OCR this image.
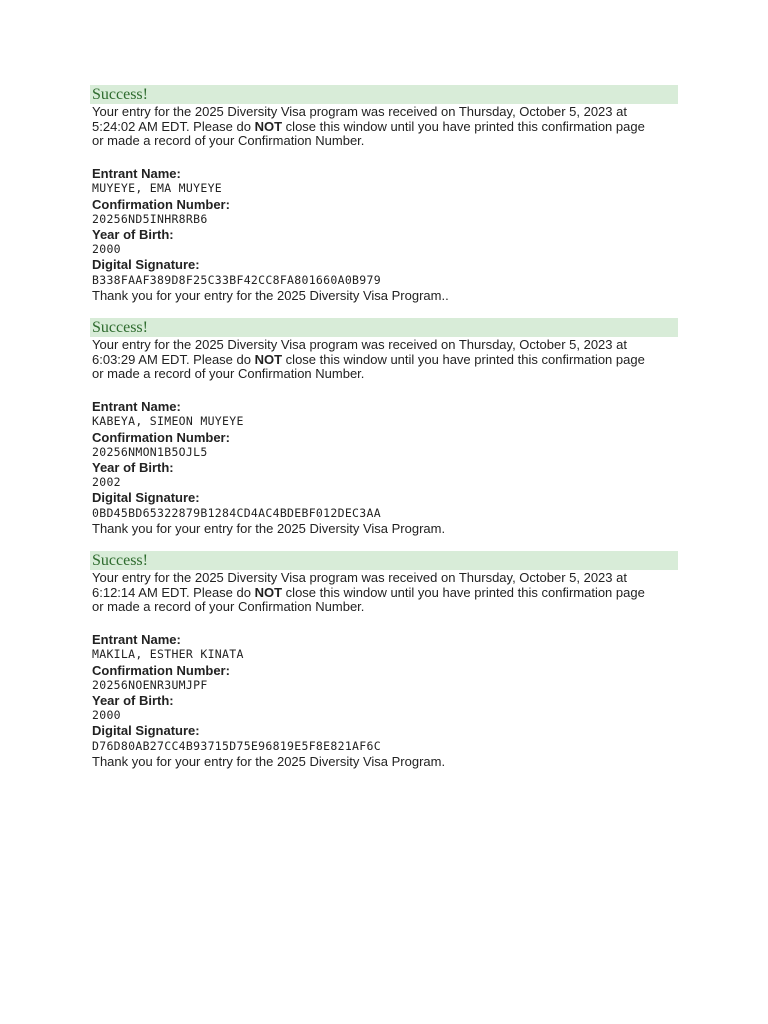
Success!

Your entry for the 2025 Diversity Visa program was received on Thursday, October 5, 2023 at

5:24:02 AM EDT. Please do NOT close this window until you have printed this confirmation page

or made a record of your Confirmation Number.

Entrant Name:
MUYEYE, EMA MUYEYE
Confirmation Number:
20256ND5INHR8RB6
Year of Birth:
2000
Digital Signature:
B338FAAF389D8F25C33BF42CC8FA801660A0B979
Thank you for your entry for the 2025 Diversity Visa Program..
Success!

Your entry for the 2025 Diversity Visa program was received on Thursday, October 5, 2023 at

6:03:29 AM EDT. Please do NOT close this window until you have printed this confirmation page

or made a record of your Confirmation Number.

Entrant Name:
KABEYA, SIMEON MUYEYE
Confirmation Number:
20256NMON1B5OJL5
Year of Birth:
2002
Digital Signature:
0BD45BD65322879B1284CD4AC4BDEBF012DEC3AA
Thank you for your entry for the 2025 Diversity Visa Program.
Success!

Your entry for the 2025 Diversity Visa program was received on Thursday, October 5, 2023 at

6:12:14 AM EDT. Please do NOT close this window until you have printed this confirmation page

or made a record of your Confirmation Number.

Entrant Name:
MAKILA, ESTHER KINATA
Confirmation Number:
20256NOENR3UMJPF
Year of Birth:
2000
Digital Signature:
D76D80AB27CC4B93715D75E96819E5F8E821AF6C
Thank you for your entry for the 2025 Diversity Visa Program.
